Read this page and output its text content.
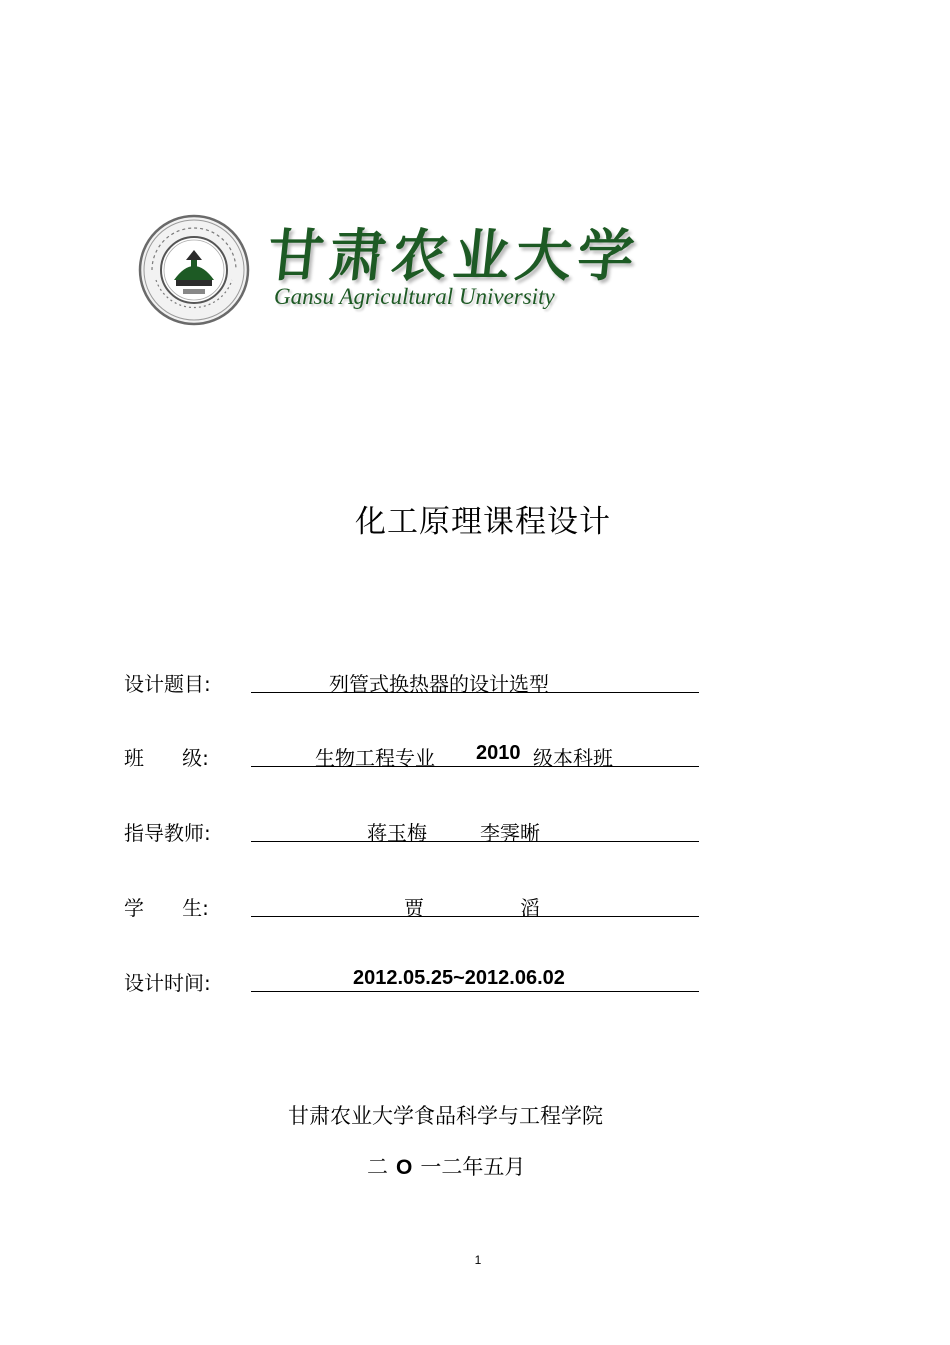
甘肃农业大学
Gansu Agricultural University
化工原理课程设计
设计题目:

	列管式换热器的设计选型

班      级:

	生物工程专业

2010

级本科班

指导教师:

	蒋玉梅

	李霁晰

学      生:

	贾

	滔

设计时间:

	2012.05.25~2012.06.02

甘肃农业大学食品科学与工程学院
二 O 一二年五月
1
